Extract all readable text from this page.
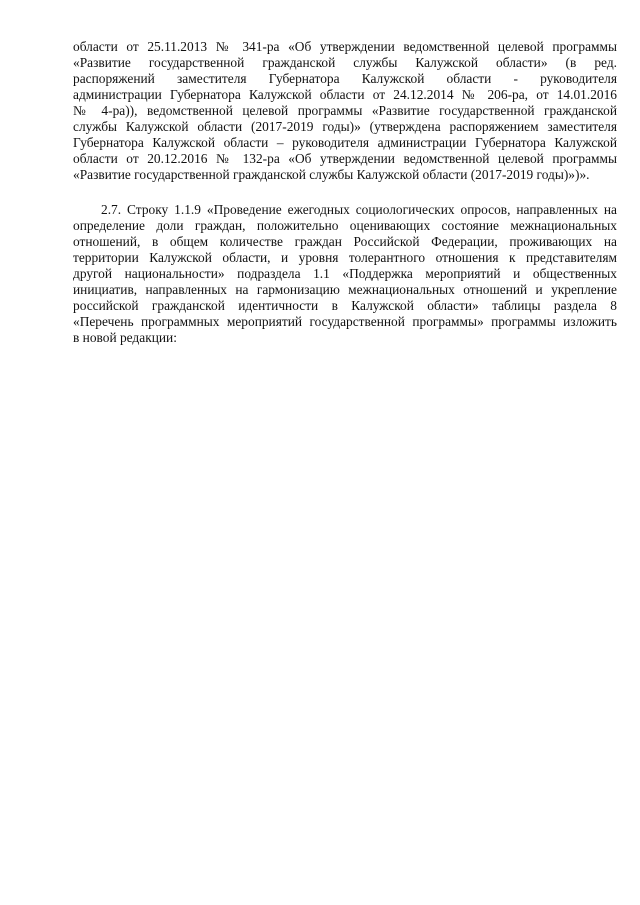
области от 25.11.2013 № 341-ра «Об утверждении ведомственной целевой программы
«Развитие государственной гражданской службы Калужской области» (в ред.
распоряжений заместителя Губернатора Калужской области - руководителя
администрации Губернатора Калужской области от 24.12.2014 № 206-ра, от 14.01.2016
№ 4-ра)), ведомственной целевой программы «Развитие государственной гражданской
службы Калужской области (2017-2019 годы)» (утверждена распоряжением заместителя
Губернатора Калужской области – руководителя администрации Губернатора Калужской
области от 20.12.2016 № 132-ра «Об утверждении ведомственной целевой программы
«Развитие государственной гражданской службы Калужской области (2017-2019 годы)»)».
2.7. Строку 1.1.9 «Проведение ежегодных социологических опросов, направленных на
определение доли граждан, положительно оценивающих состояние межнациональных
отношений, в общем количестве граждан Российской Федерации, проживающих на
территории Калужской области, и уровня толерантного отношения к представителям
другой национальности» подраздела 1.1 «Поддержка мероприятий и общественных
инициатив, направленных на гармонизацию межнациональных отношений и укрепление
российской гражданской идентичности в Калужской области» таблицы раздела 8
«Перечень программных мероприятий государственной программы» программы изложить
в новой редакции:
